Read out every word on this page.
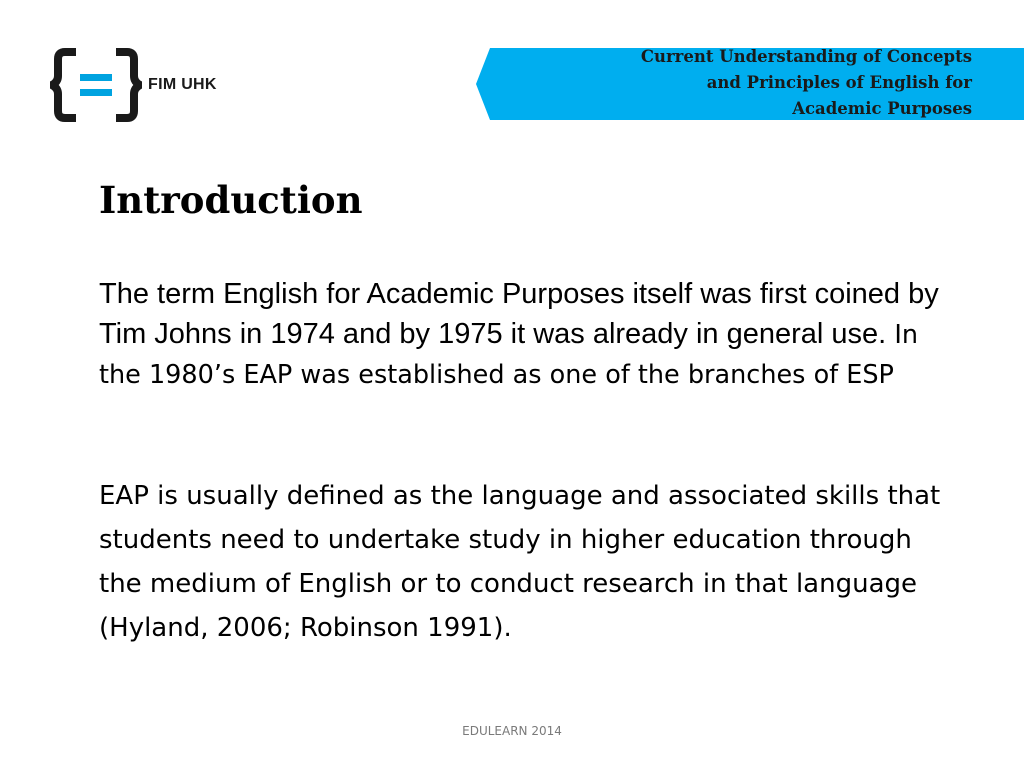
FIM UHK
Current Understanding of Concepts
and Principles of English for
Academic Purposes
Introduction

The term English for Academic Purposes itself was first coined by Tim Johns in 1974 and by 1975 it was already in general use. In the 1980’s EAP was established as one of the branches of ESP

EAP is usually defined as the language and associated skills that students need to undertake study in higher education through the medium of English or to conduct research in that language (Hyland, 2006; Robinson 1991).

EDULEARN 2014
